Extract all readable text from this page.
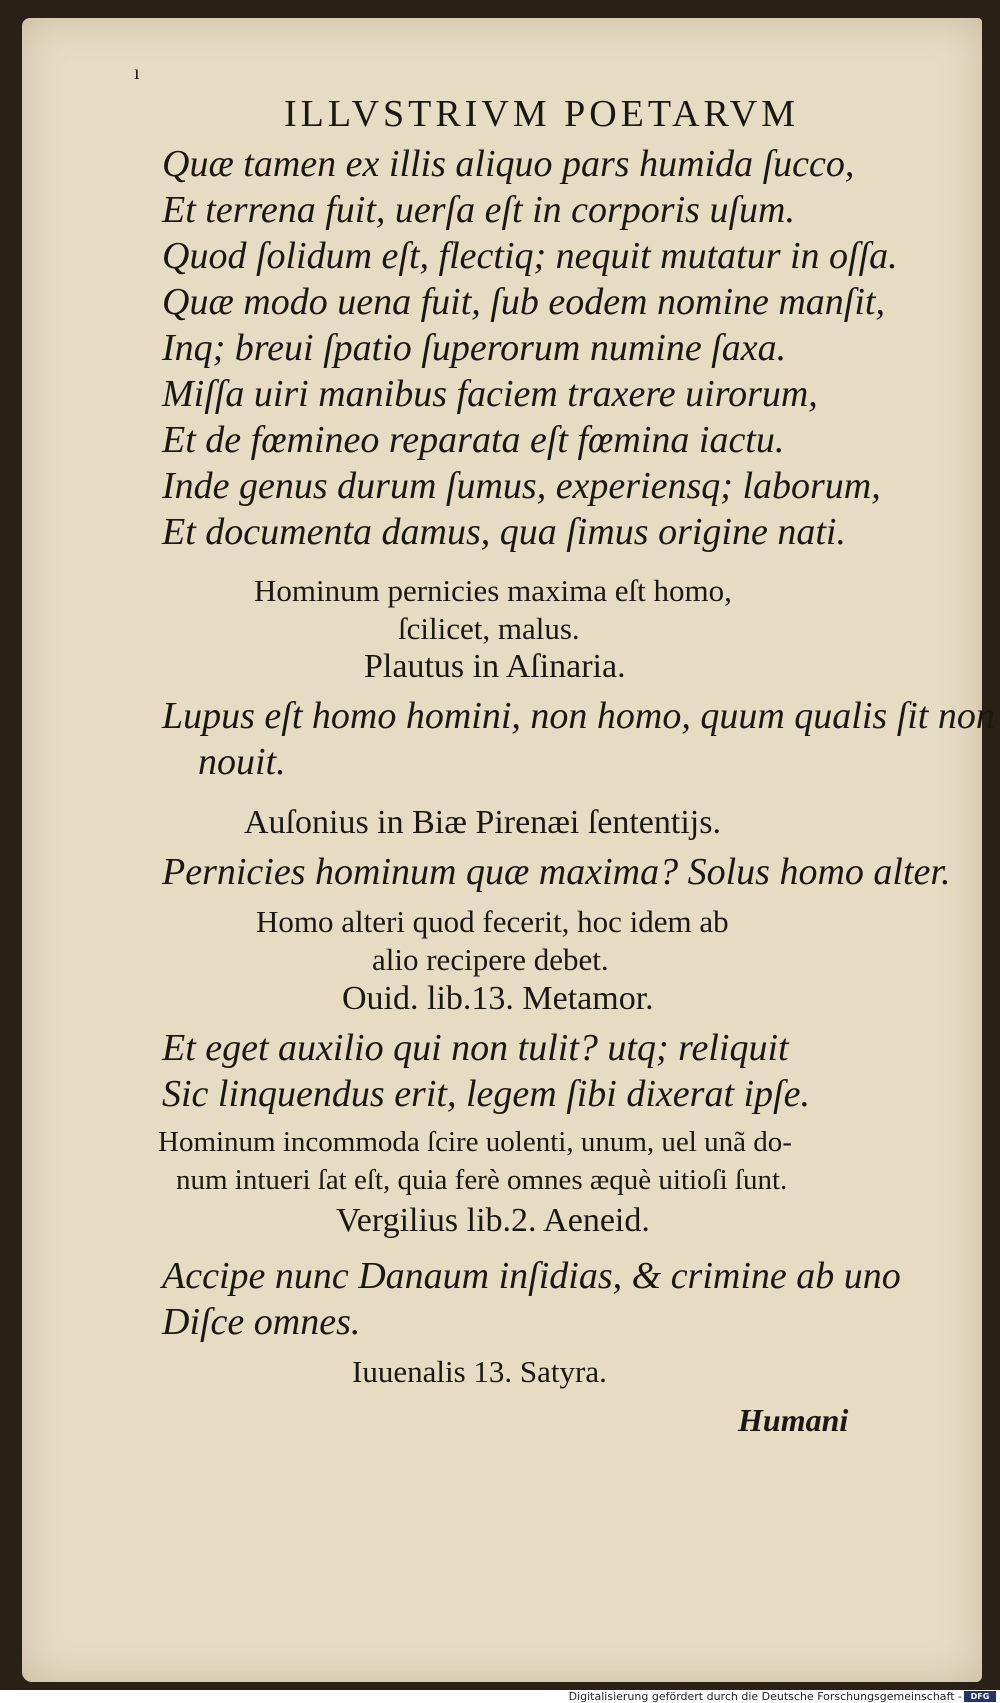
ı
ILLVSTRIVM POETARVM
Quæ tamen ex illis aliquo pars humida ſucco,
Et terrena fuit, uerſa eſt in corporis uſum.
Quod ſolidum eſt, flectiq; nequit mutatur in oſſa.
Quæ modo uena fuit, ſub eodem nomine manſit,
Inq; breui ſpatio ſuperorum numine ſaxa.
Miſſa uiri manibus faciem traxere uirorum,
Et de fœmineo reparata eſt fœmina iactu.
Inde genus durum ſumus, experiensq; laborum,
Et documenta damus, qua ſimus origine nati.
Hominum pernicies maxima eſt homo,
ſcilicet, malus.
Plautus in Aſinaria.
Lupus eſt homo homini, non homo, quum qualis ſit non
nouit.
Auſonius in Biæ Pirenæi ſententijs.
Pernicies hominum quæ maxima? Solus homo alter.
Homo alteri quod fecerit, hoc idem ab
alio recipere debet.
Ouid. lib.13. Metamor.
Et eget auxilio qui non tulit? utq; reliquit
Sic linquendus erit, legem ſibi dixerat ipſe.
Hominum incommoda ſcire uolenti, unum, uel unã do-
num intueri ſat eſt, quia ferè omnes æquè uitioſi ſunt.
Vergilius lib.2. Aeneid.
Accipe nunc Danaum inſidias, & crimine ab uno
Diſce omnes.
Iuuenalis 13. Satyra.
Humani
Digitalisierung gefördert durch die Deutsche Forschungsgemeinschaft -	DFG
